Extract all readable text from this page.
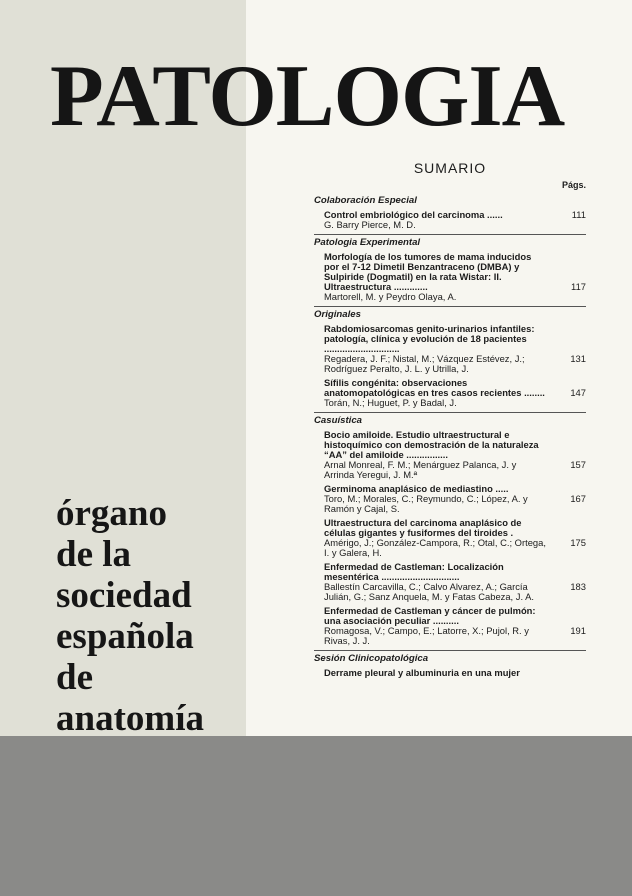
PATOLOGIA
órgano
de la
sociedad
española
de
anatomía
SUMARIO
Págs.
Colaboración Especial
Control embriológico del carcinoma ......
G. Barry Pierce, M. D.
111
Patologia Experimental
Morfología de los tumores de mama inducidos por el 7-12 Dimetil Benzantraceno (DMBA) y Sulpiride (Dogmatil) en la rata Wistar: II. Ultraestructura .............
Martorell, M. y Peydro Olaya, A.
117
Originales
Rabdomiosarcomas genito-urinarios infantiles: patología, clínica y evolución de 18 pacientes .............................
Regadera, J. F.; Nistal, M.; Vázquez Estévez, J.; Rodríguez Peralto, J. L. y Utrilla, J.
131
Sífilis congénita: observaciones anatomopatológicas en tres casos recientes ........
Torán, N.; Huguet, P. y Badal, J.
147
Casuística
Bocio amiloide. Estudio ultraestructural e histoquímico con demostración de la naturaleza “AA” del amiloide ................
Arnal Monreal, F. M.; Menárguez Palanca, J. y Arrinda Yeregui, J. M.ª
157
Germinoma anaplásico de mediastino .....
Toro, M.; Morales, C.; Reymundo, C.; López, A. y Ramón y Cajal, S.
167
Ultraestructura del carcinoma anaplásico de células gigantes y fusiformes del tiroides .
Amérigo, J.; González-Campora, R.; Otal, C.; Ortega, I. y Galera, H.
175
Enfermedad de Castleman: Localización mesentérica ..............................
Ballestín Carcavilla, C.; Calvo Alvarez, A.; García Julián, G.; Sanz Anquela, M. y Fatas Cabeza, J. A.
183
Enfermedad de Castleman y cáncer de pulmón: una asociación peculiar ..........
Romagosa, V.; Campo, E.; Latorre, X.; Pujol, R. y Rivas, J. J.
191
Sesión Clinicopatológica
Derrame pleural y albuminuria en una mujer
